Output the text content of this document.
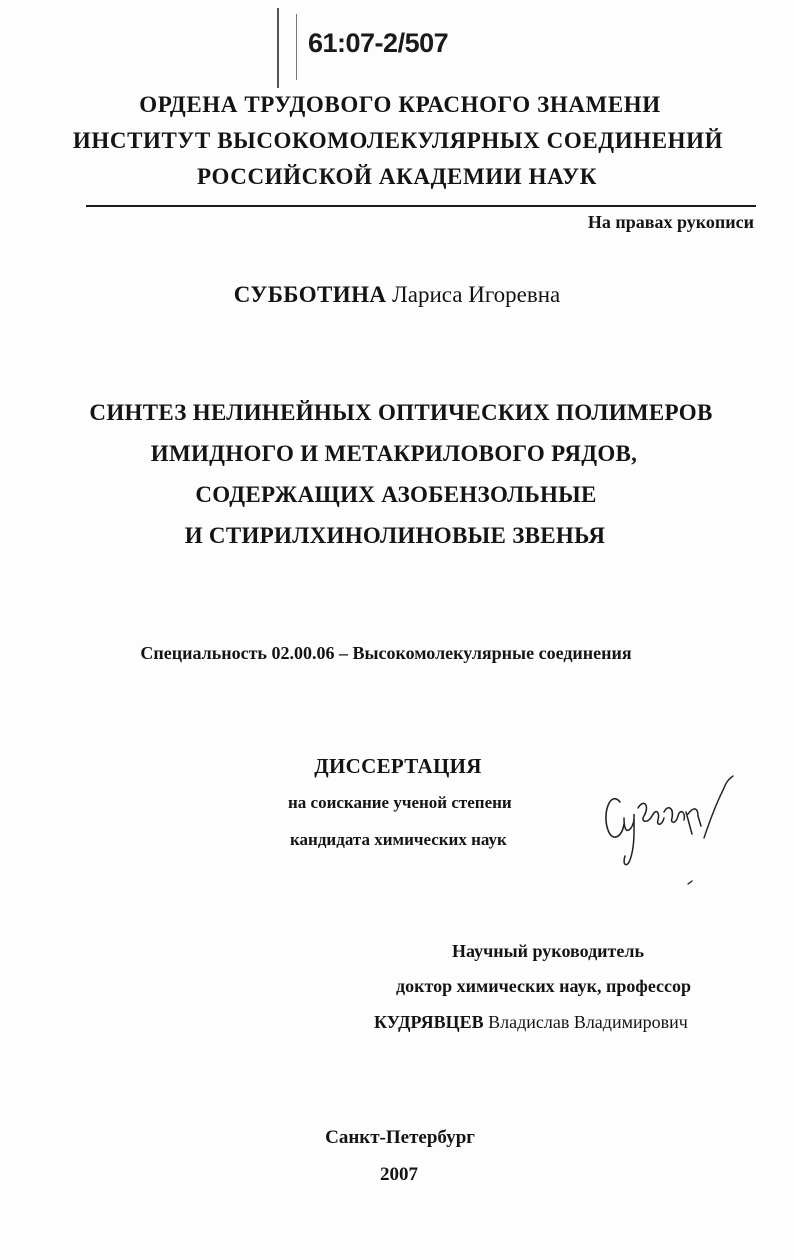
61:07-2/507
ОРДЕНА ТРУДОВОГО КРАСНОГО ЗНАМЕНИ
ИНСТИТУТ ВЫСОКОМОЛЕКУЛЯРНЫХ СОЕДИНЕНИЙ
РОССИЙСКОЙ АКАДЕМИИ НАУК
На правах рукописи
СУББОТИНА Лариса Игоревна
СИНТЕЗ НЕЛИНЕЙНЫХ ОПТИЧЕСКИХ ПОЛИМЕРОВ
ИМИДНОГО И МЕТАКРИЛОВОГО РЯДОВ,
СОДЕРЖАЩИХ АЗОБЕНЗОЛЬНЫЕ
И СТИРИЛХИНОЛИНОВЫЕ ЗВЕНЬЯ
Специальность 02.00.06 – Высокомолекулярные соединения
ДИССЕРТАЦИЯ
на соискание ученой степени
кандидата химических наук
Научный руководитель
доктор химических наук, профессор
КУДРЯВЦЕВ Владислав Владимирович
Санкт-Петербург
2007
